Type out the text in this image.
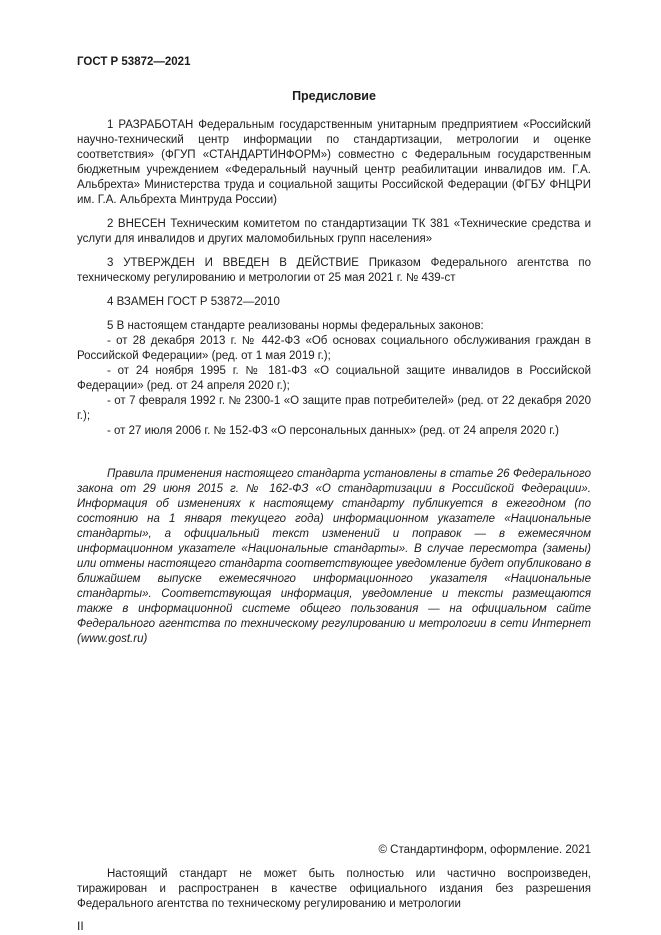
ГОСТ Р 53872—2021
Предисловие

1 РАЗРАБОТАН Федеральным государственным унитарным предприятием «Российский научно-технический центр информации по стандартизации, метрологии и оценке соответствия» (ФГУП «СТАНДАРТИНФОРМ») совместно с Федеральным государственным бюджетным учреждением «Федеральный научный центр реабилитации инвалидов им. Г.А. Альбрехта» Министерства труда и социальной защиты Российской Федерации (ФГБУ ФНЦРИ им. Г.А. Альбрехта Минтруда России)

2 ВНЕСЕН Техническим комитетом по стандартизации ТК 381 «Технические средства и услуги для инвалидов и других маломобильных групп населения»

3 УТВЕРЖДЕН И ВВЕДЕН В ДЕЙСТВИЕ Приказом Федерального агентства по техническому регулированию и метрологии от 25 мая 2021 г. № 439-ст

4 ВЗАМЕН ГОСТ Р 53872—2010

5 В настоящем стандарте реализованы нормы федеральных законов:

- от 28 декабря 2013 г. № 442-ФЗ «Об основах социального обслуживания граждан в Российской Федерации» (ред. от 1 мая 2019 г.);

- от 24 ноября 1995 г. № 181-ФЗ «О социальной защите инвалидов в Российской Федерации» (ред. от 24 апреля 2020 г.);

- от 7 февраля 1992 г. № 2300-1 «О защите прав потребителей» (ред. от 22 декабря 2020 г.);

- от 27 июля 2006 г. № 152-ФЗ «О персональных данных» (ред. от 24 апреля 2020 г.)

Правила применения настоящего стандарта установлены в статье 26 Федерального закона от 29 июня 2015 г. № 162-ФЗ «О стандартизации в Российской Федерации». Информация об изменениях к настоящему стандарту публикуется в ежегодном (по состоянию на 1 января текущего года) информационном указателе «Национальные стандарты», а официальный текст изменений и поправок — в ежемесячном информационном указателе «Национальные стандарты». В случае пересмотра (замены) или отмены настоящего стандарта соответствующее уведомление будет опубликовано в ближайшем выпуске ежемесячного информационного указателя «Национальные стандарты». Соответствующая информация, уведомление и тексты размещаются также в информационной системе общего пользования — на официальном сайте Федерального агентства по техническому регулированию и метрологии в сети Интернет (www.gost.ru)

© Стандартинформ, оформление. 2021
Настоящий стандарт не может быть полностью или частично воспроизведен, тиражирован и распространен в качестве официального издания без разрешения Федерального агентства по техническому регулированию и метрологии
II
